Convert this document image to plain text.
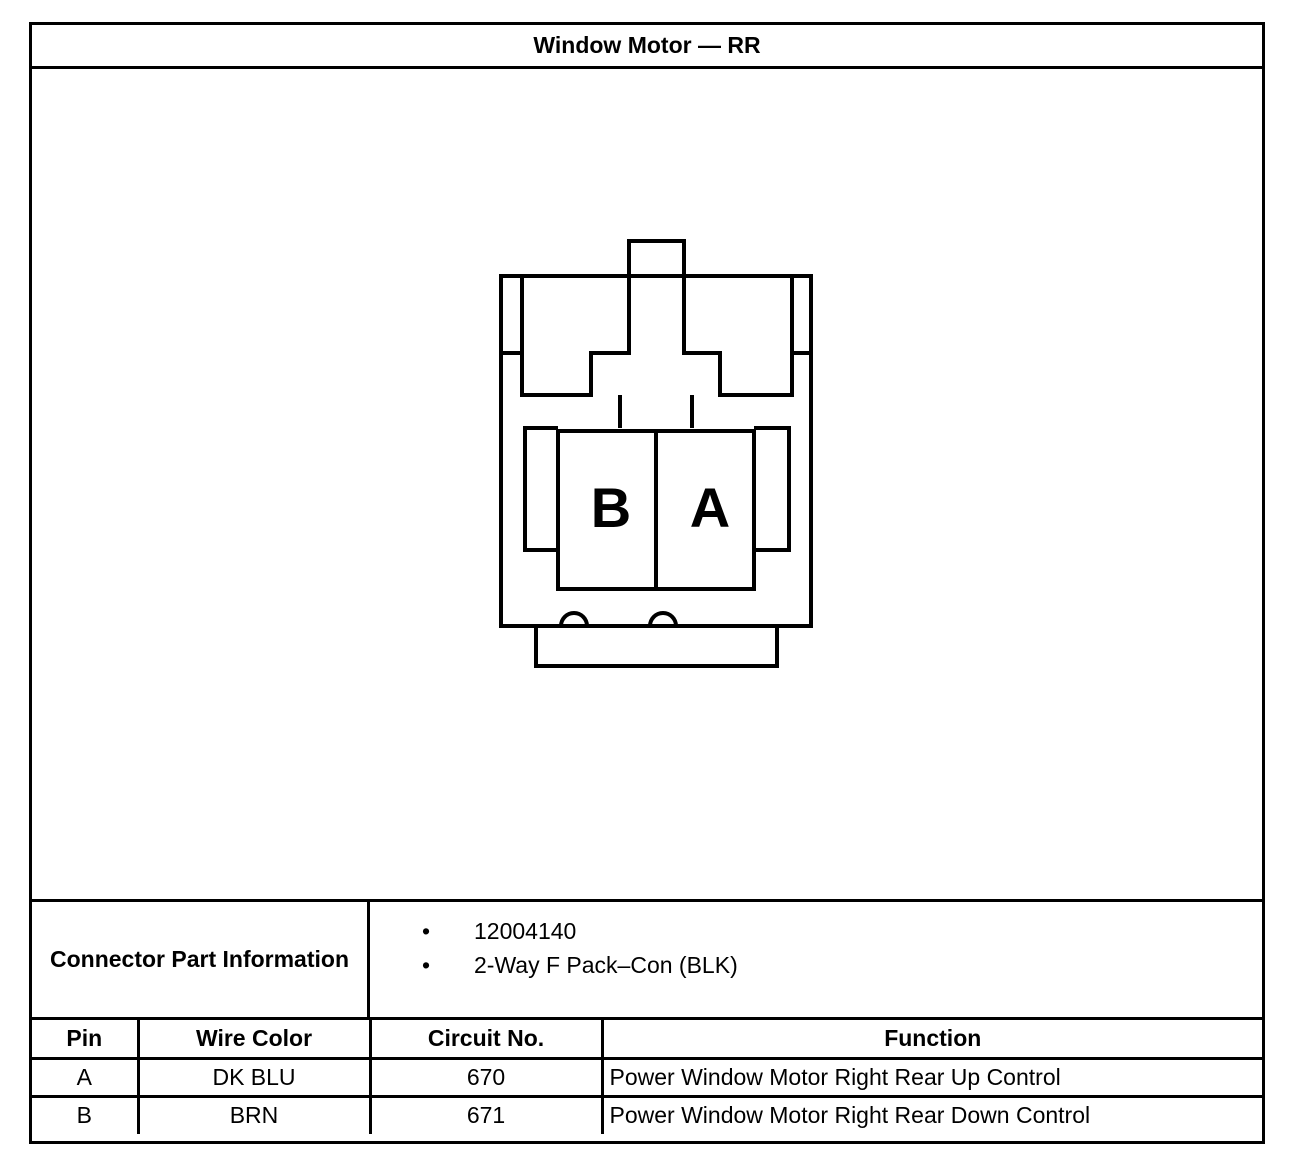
Window Motor — RR
B A
Connector Part Information
• 12004140
• 2-Way F Pack–Con (BLK)
Pin	Wire Color	Circuit No.	Function
A	DK BLU	670	Power Window Motor Right Rear Up Control
B	BRN	671	Power Window Motor Right Rear Down Control
